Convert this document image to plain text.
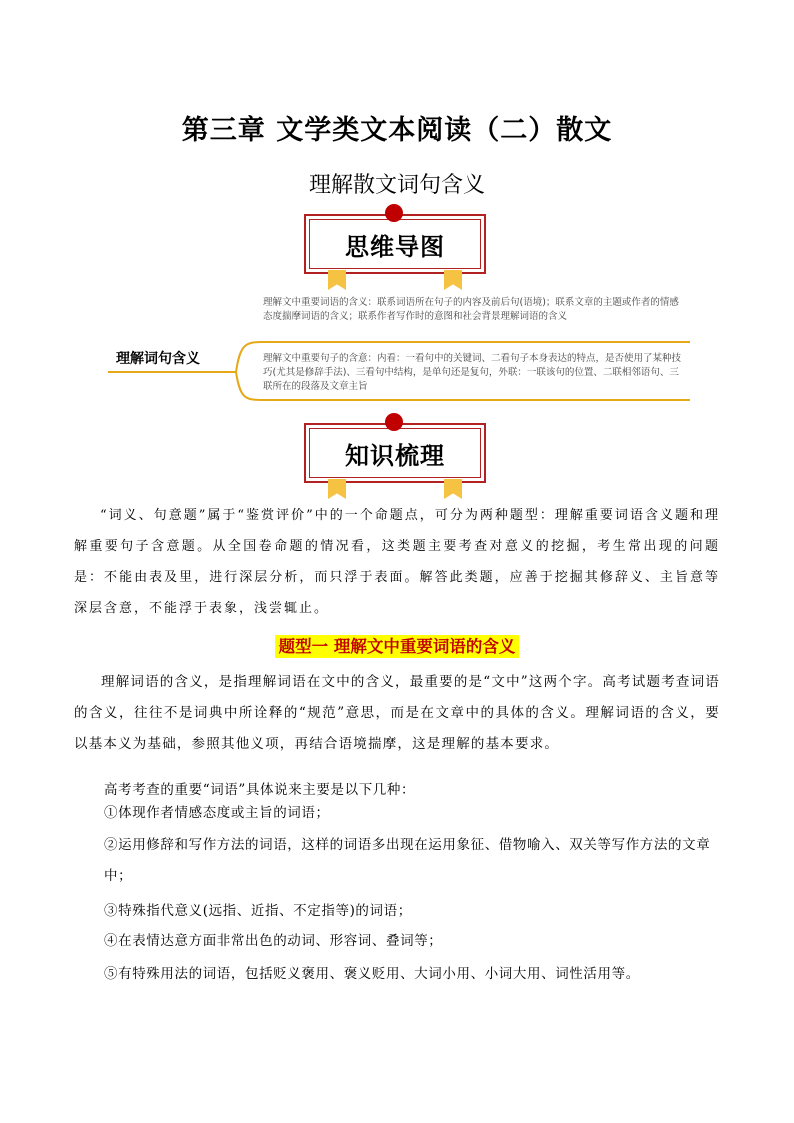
第三章 文学类文本阅读（二）散文
理解散文词句含义
思维导图
理解词句含义
理解文中重要词语的含义：联系词语所在句子的内容及前后句(语境)；联系文章的主题或作者的情感态度揣摩词语的含义；联系作者写作时的意图和社会背景理解词语的含义
理解文中重要句子的含意：内看：一看句中的关键词、二看句子本身表达的特点，是否使用了某种技巧(尤其是修辞手法)、三看句中结构，是单句还是复句，外联：一联该句的位置、二联相邻语句、三联所在的段落及文章主旨
知识梳理
“词义、句意题”属于“鉴赏评价”中的一个命题点，可分为两种题型：理解重要词语含义题和理解重要句子含意题。从全国卷命题的情况看，这类题主要考查对意义的挖掘，考生常出现的问题是：不能由表及里，进行深层分析，而只浮于表面。解答此类题，应善于挖掘其修辞义、主旨意等深层含意，不能浮于表象，浅尝辄止。
题型一 理解文中重要词语的含义
理解词语的含义，是指理解词语在文中的含义，最重要的是“文中”这两个字。高考试题考查词语的含义，往往不是词典中所诠释的“规范”意思，而是在文章中的具体的含义。理解词语的含义，要以基本义为基础，参照其他义项，再结合语境揣摩，这是理解的基本要求。
高考考查的重要“词语”具体说来主要是以下几种：
①体现作者情感态度或主旨的词语；
②运用修辞和写作方法的词语，这样的词语多出现在运用象征、借物喻入、双关等写作方法的文章中；
③特殊指代意义(远指、近指、不定指等)的词语；
④在表情达意方面非常出色的动词、形容词、叠词等；
⑤有特殊用法的词语，包括贬义褒用、褒义贬用、大词小用、小词大用、词性活用等。
